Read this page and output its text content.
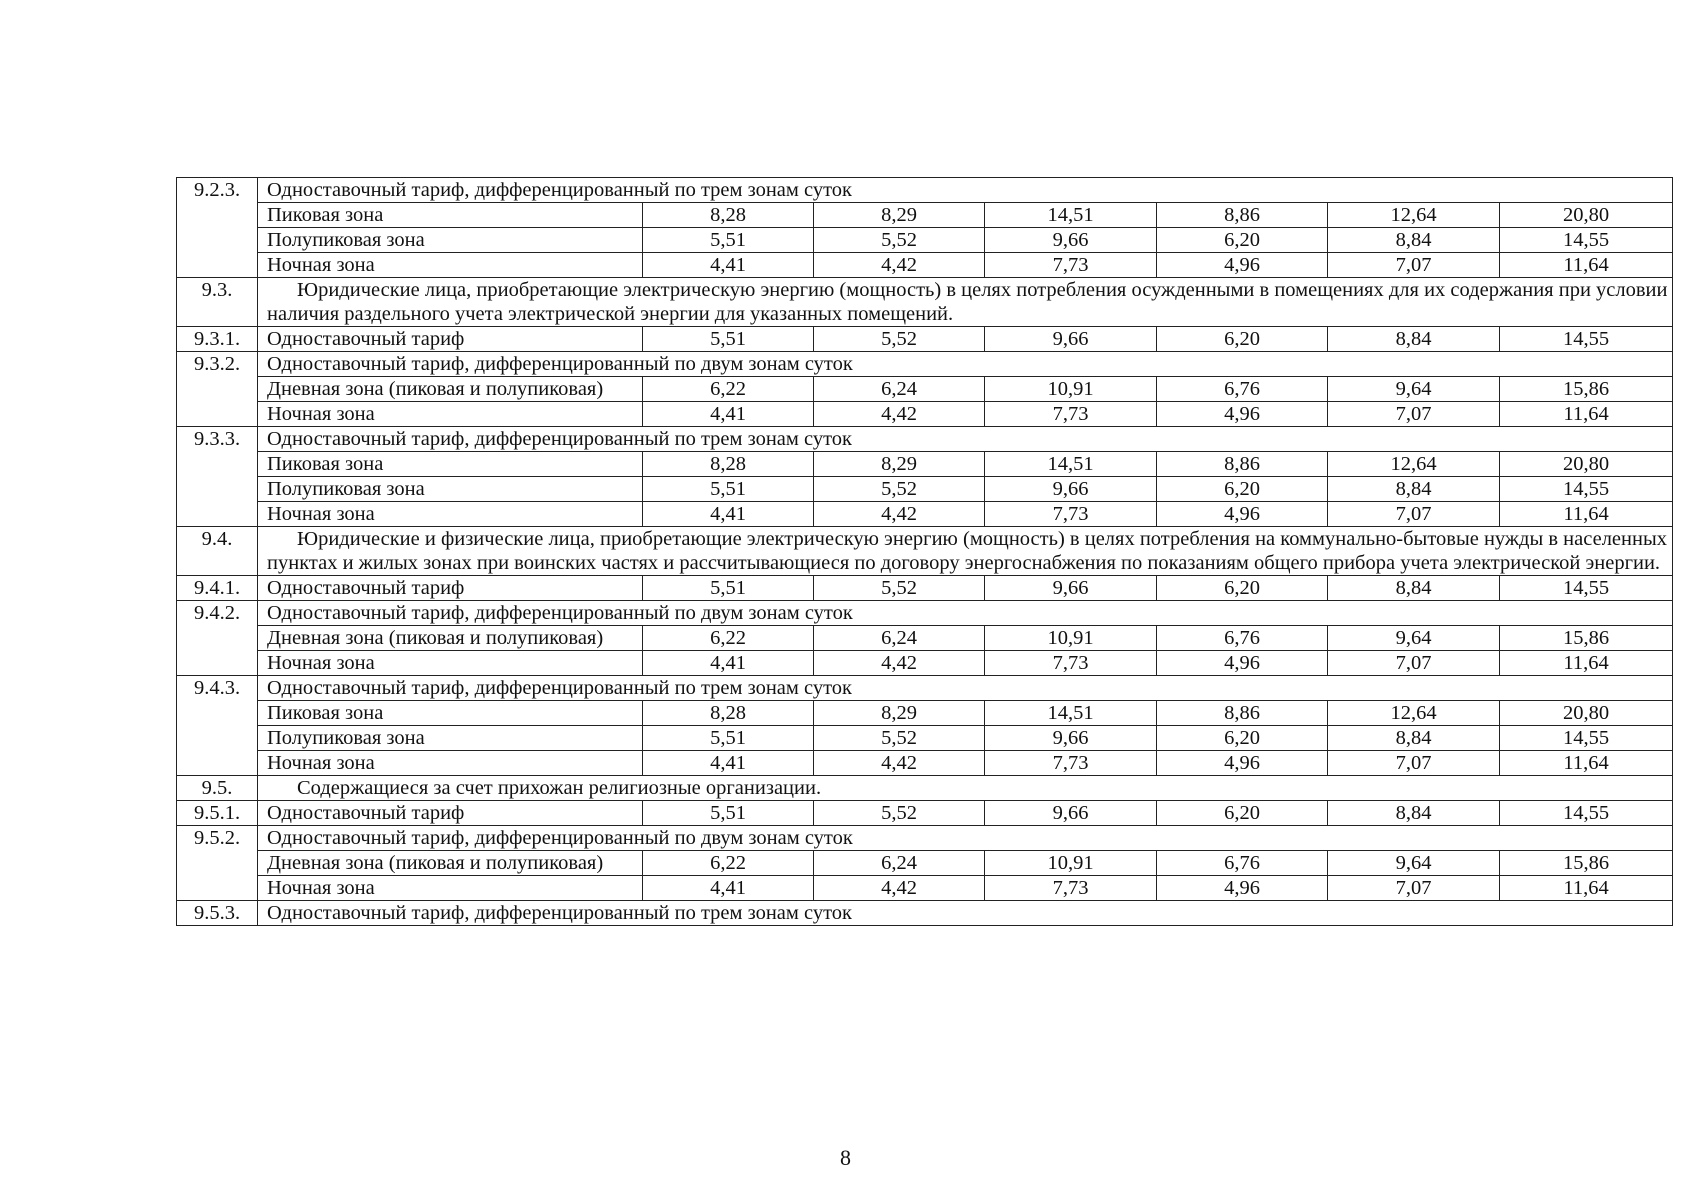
9.2.3.	Одноставочный тариф, дифференцированный по трем зонам суток						
	Пиковая зона	8,28	8,29	14,51	8,86	12,64	20,80
	Полупиковая зона	5,51	5,52	9,66	6,20	8,84	14,55
	Ночная зона	4,41	4,42	7,73	4,96	7,07	11,64
9.3.	Юридические лица, приобретающие электрическую энергию (мощность) в целях потребления осужденными в помещениях для их содержания при условии наличия раздельного учета электрической энергии для указанных помещений.						

9.3.1.	Одноставочный тариф	5,51	5,52	9,66	6,20	8,84	14,55
9.3.2.	Одноставочный тариф, дифференцированный по двум зонам суток						
	Дневная зона (пиковая и полупиковая)	6,22	6,24	10,91	6,76	9,64	15,86
	Ночная зона	4,41	4,42	7,73	4,96	7,07	11,64
9.3.3.	Одноставочный тариф, дифференцированный по трем зонам суток						
	Пиковая зона	8,28	8,29	14,51	8,86	12,64	20,80
	Полупиковая зона	5,51	5,52	9,66	6,20	8,84	14,55
	Ночная зона	4,41	4,42	7,73	4,96	7,07	11,64
9.4.	Юридические и физические лица, приобретающие электрическую энергию (мощность) в целях потребления на коммунально-бытовые нужды в населенных пунктах и жилых зонах при воинских частях и рассчитывающиеся по договору энергоснабжения по показаниям общего прибора учета электрической энергии.						

9.4.1.	Одноставочный тариф	5,51	5,52	9,66	6,20	8,84	14,55
9.4.2.	Одноставочный тариф, дифференцированный по двум зонам суток						
	Дневная зона (пиковая и полупиковая)	6,22	6,24	10,91	6,76	9,64	15,86
	Ночная зона	4,41	4,42	7,73	4,96	7,07	11,64
9.4.3.	Одноставочный тариф, дифференцированный по трем зонам суток						
	Пиковая зона	8,28	8,29	14,51	8,86	12,64	20,80
	Полупиковая зона	5,51	5,52	9,66	6,20	8,84	14,55
	Ночная зона	4,41	4,42	7,73	4,96	7,07	11,64
9.5.	Содержащиеся за счет прихожан религиозные организации.						

9.5.1.	Одноставочный тариф	5,51	5,52	9,66	6,20	8,84	14,55
9.5.2.	Одноставочный тариф, дифференцированный по двум зонам суток						
	Дневная зона (пиковая и полупиковая)	6,22	6,24	10,91	6,76	9,64	15,86
	Ночная зона	4,41	4,42	7,73	4,96	7,07	11,64
9.5.3.	Одноставочный тариф, дифференцированный по трем зонам суток						
8
